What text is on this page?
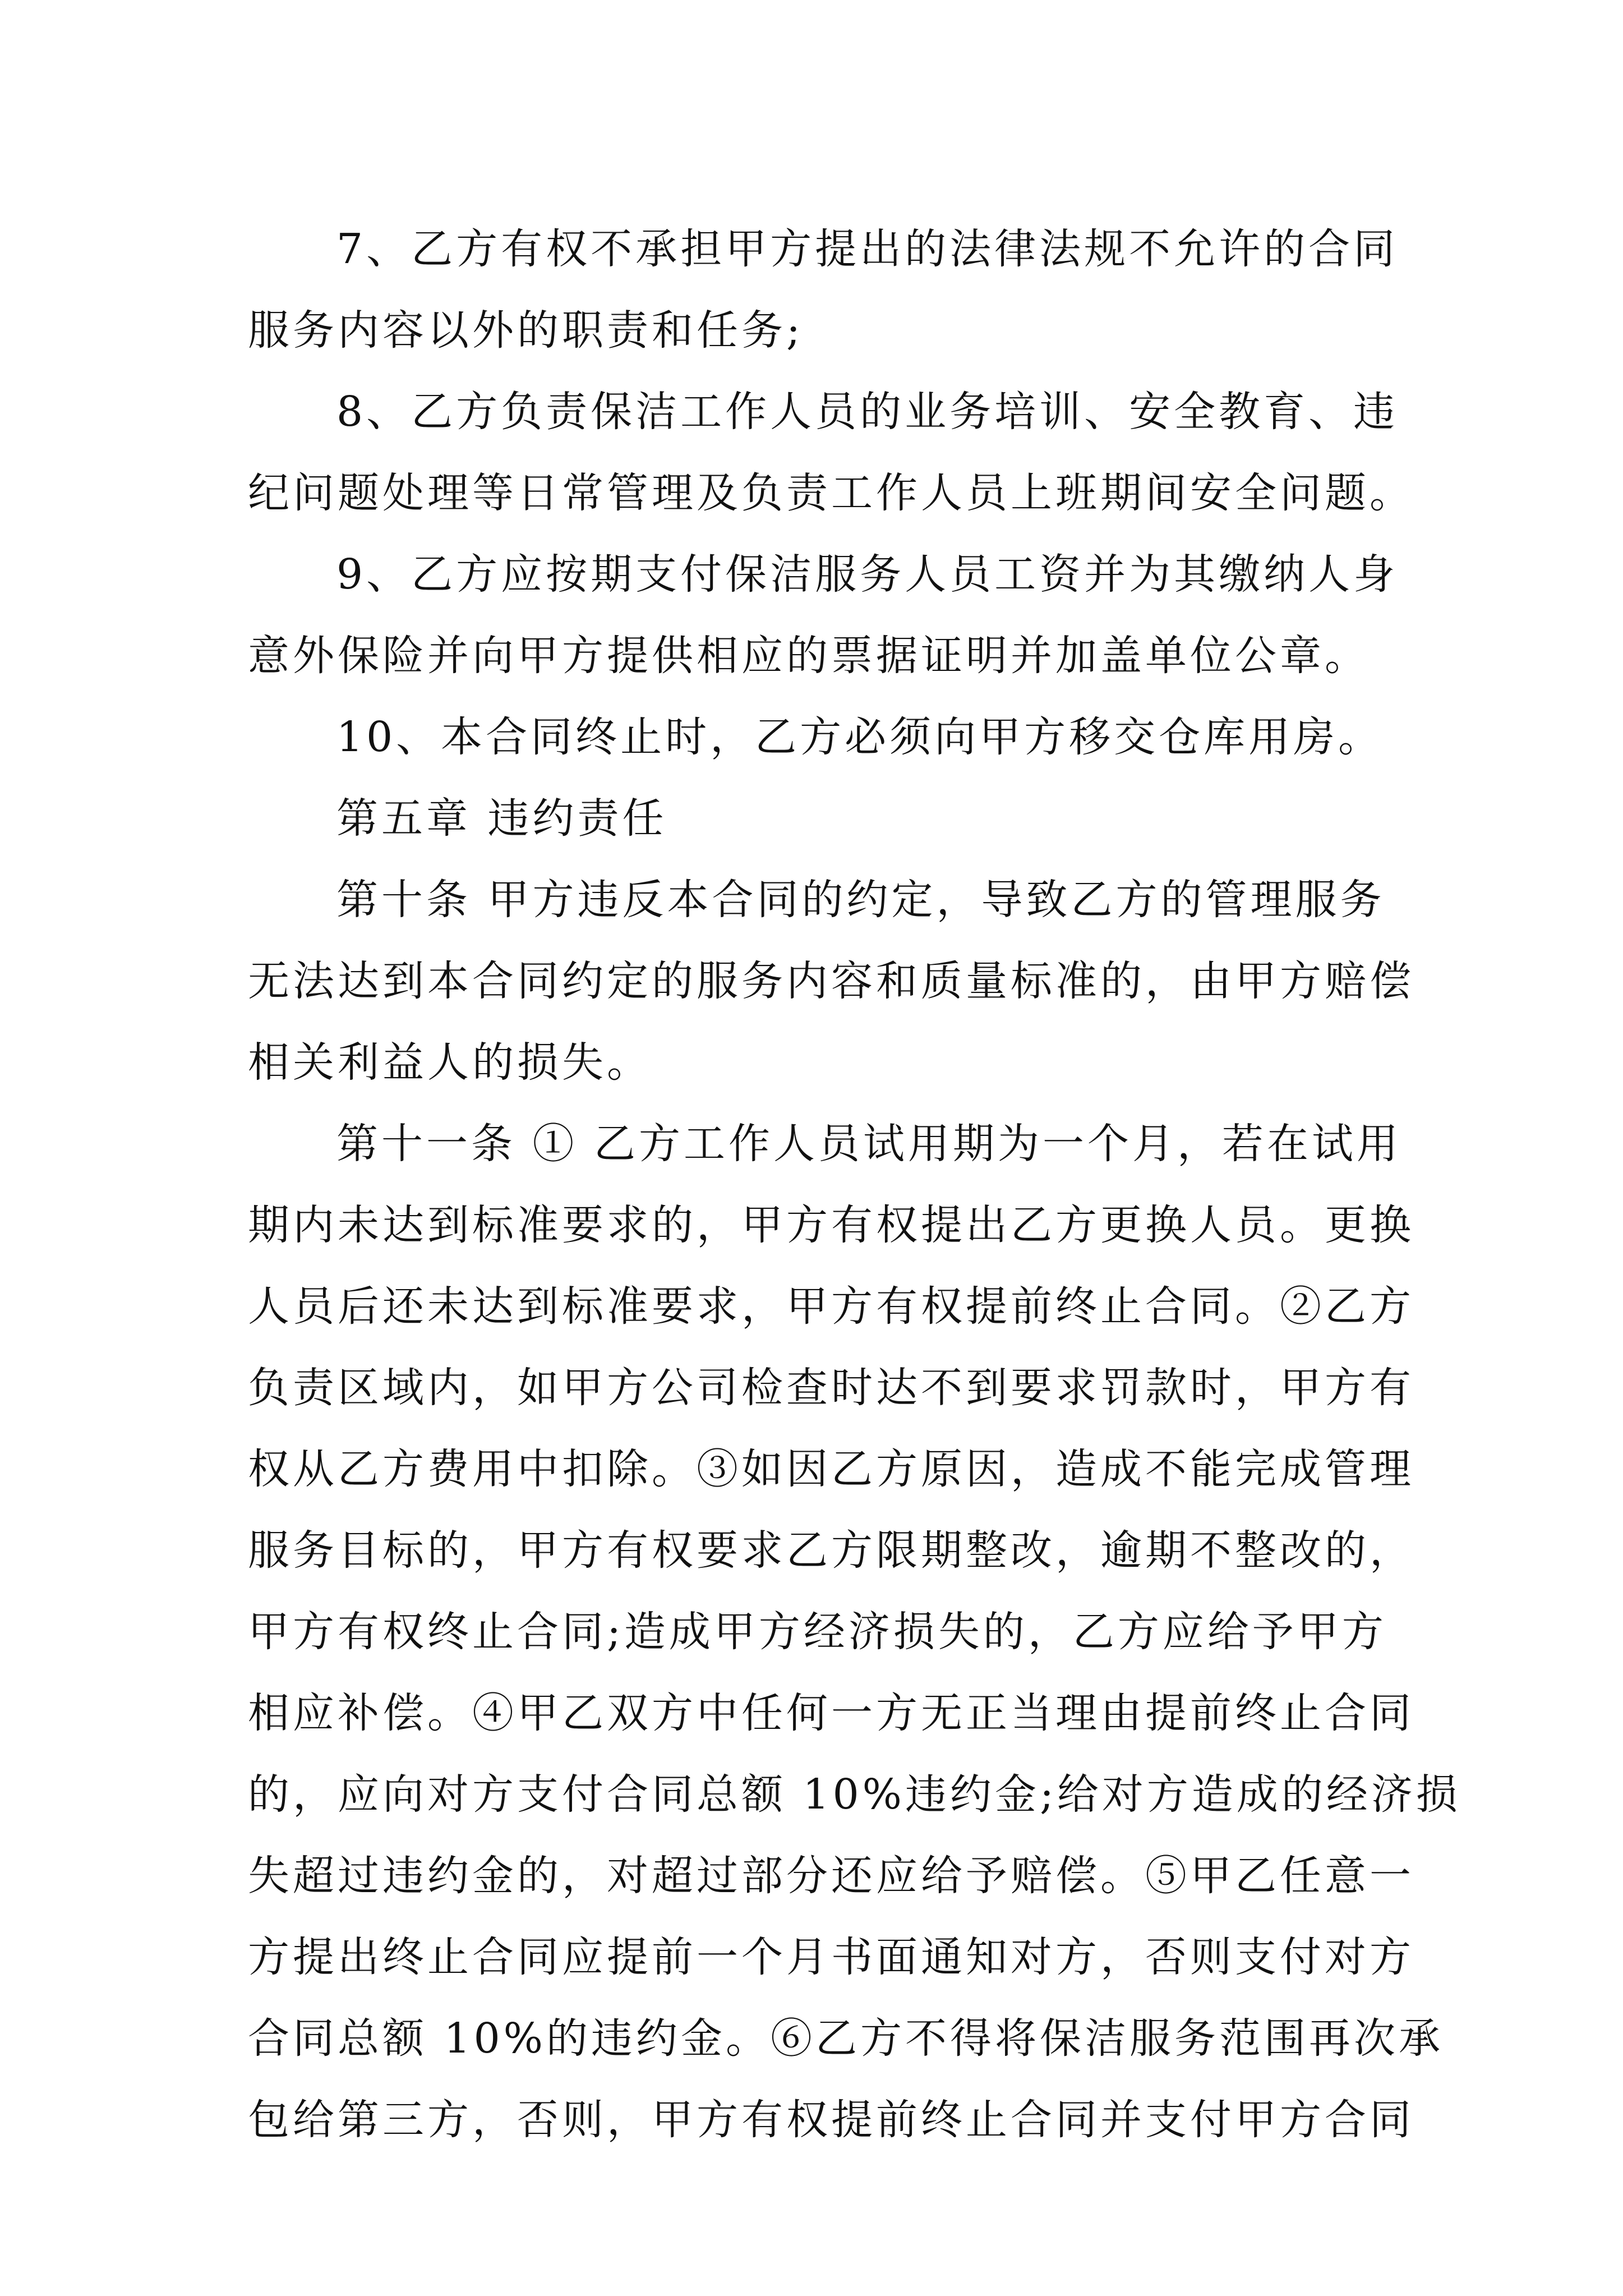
7、乙方有权不承担甲方提出的法律法规不允许的合同
服务内容以外的职责和任务;
8、乙方负责保洁工作人员的业务培训、安全教育、违
纪问题处理等日常管理及负责工作人员上班期间安全问题。
9、乙方应按期支付保洁服务人员工资并为其缴纳人身
意外保险并向甲方提供相应的票据证明并加盖单位公章。
10、本合同终止时，乙方必须向甲方移交仓库用房。
第五章 违约责任
第十条 甲方违反本合同的约定，导致乙方的管理服务
无法达到本合同约定的服务内容和质量标准的，由甲方赔偿
相关利益人的损失。
第十一条 ① 乙方工作人员试用期为一个月，若在试用
期内未达到标准要求的，甲方有权提出乙方更换人员。更换
人员后还未达到标准要求，甲方有权提前终止合同。②乙方
负责区域内，如甲方公司检查时达不到要求罚款时，甲方有
权从乙方费用中扣除。③如因乙方原因，造成不能完成管理
服务目标的，甲方有权要求乙方限期整改，逾期不整改的，
甲方有权终止合同;造成甲方经济损失的，乙方应给予甲方
相应补偿。④甲乙双方中任何一方无正当理由提前终止合同
的，应向对方支付合同总额 10%违约金;给对方造成的经济损
失超过违约金的，对超过部分还应给予赔偿。⑤甲乙任意一
方提出终止合同应提前一个月书面通知对方，否则支付对方
合同总额 10%的违约金。⑥乙方不得将保洁服务范围再次承
包给第三方，否则，甲方有权提前终止合同并支付甲方合同
